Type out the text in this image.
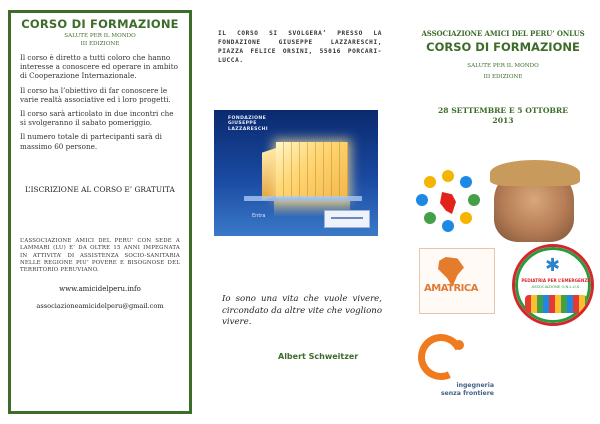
CORSO DI FORMAZIONE
SALUTE PER IL MONDO
III EDIZIONE

Il corso è diretto a tutti coloro che hanno interesse a conoscere ed operare in ambito di Cooperazione Internazionale.

Il corso ha l’obiettivo di far conoscere le varie realtà associative ed i loro progetti.

Il corso sarà articolato in due incontri che si svolgeranno il sabato pomeriggio.

Il numero totale di partecipanti sarà di massimo 60 persone.

L’ISCRIZIONE AL CORSO E’ GRATUITA
L’ASSOCIAZIONE AMICI DEL PERU’ CON SEDE A LAMMARI (LU) E’ DA OLTRE 15 ANNI IMPEGNATA IN ATTIVITA’ DI ASSISTENZA SOCIO-SANITARIA NELLE REGIONE PIU’ POVERE E BISOGNOSE DEL TERRITORIO PERUVIANO.
www.amicidelperu.info
associazioneamicidelperu@gmail.com
IL CORSO SI SVOLGERA’ PRESSO LA FONDAZIONE GIUSEPPE LAZZARESCHI, PIAZZA FELICE ORSINI, 55016 PORCARI-LUCCA.
FONDAZIONE
GIUSEPPE
LAZZARESCHI
Entra
Io sono una vita che vuole vivere, circondato da altre vite che vogliono vivere.
Albert Schweitzer
ASSOCIAZIONE AMICI DEL PERU’ ONLUS
CORSO DI FORMAZIONE
SALUTE PER IL MONDO
III EDIZIONE
28 SETTEMBRE E 5 OTTOBRE
2013
AMATRICA
✱
PEDIATRIA PER L’EMERGENZA
ASSOCIAZIONE O.N.L.U.S.
ingegneria
senza frontiere
